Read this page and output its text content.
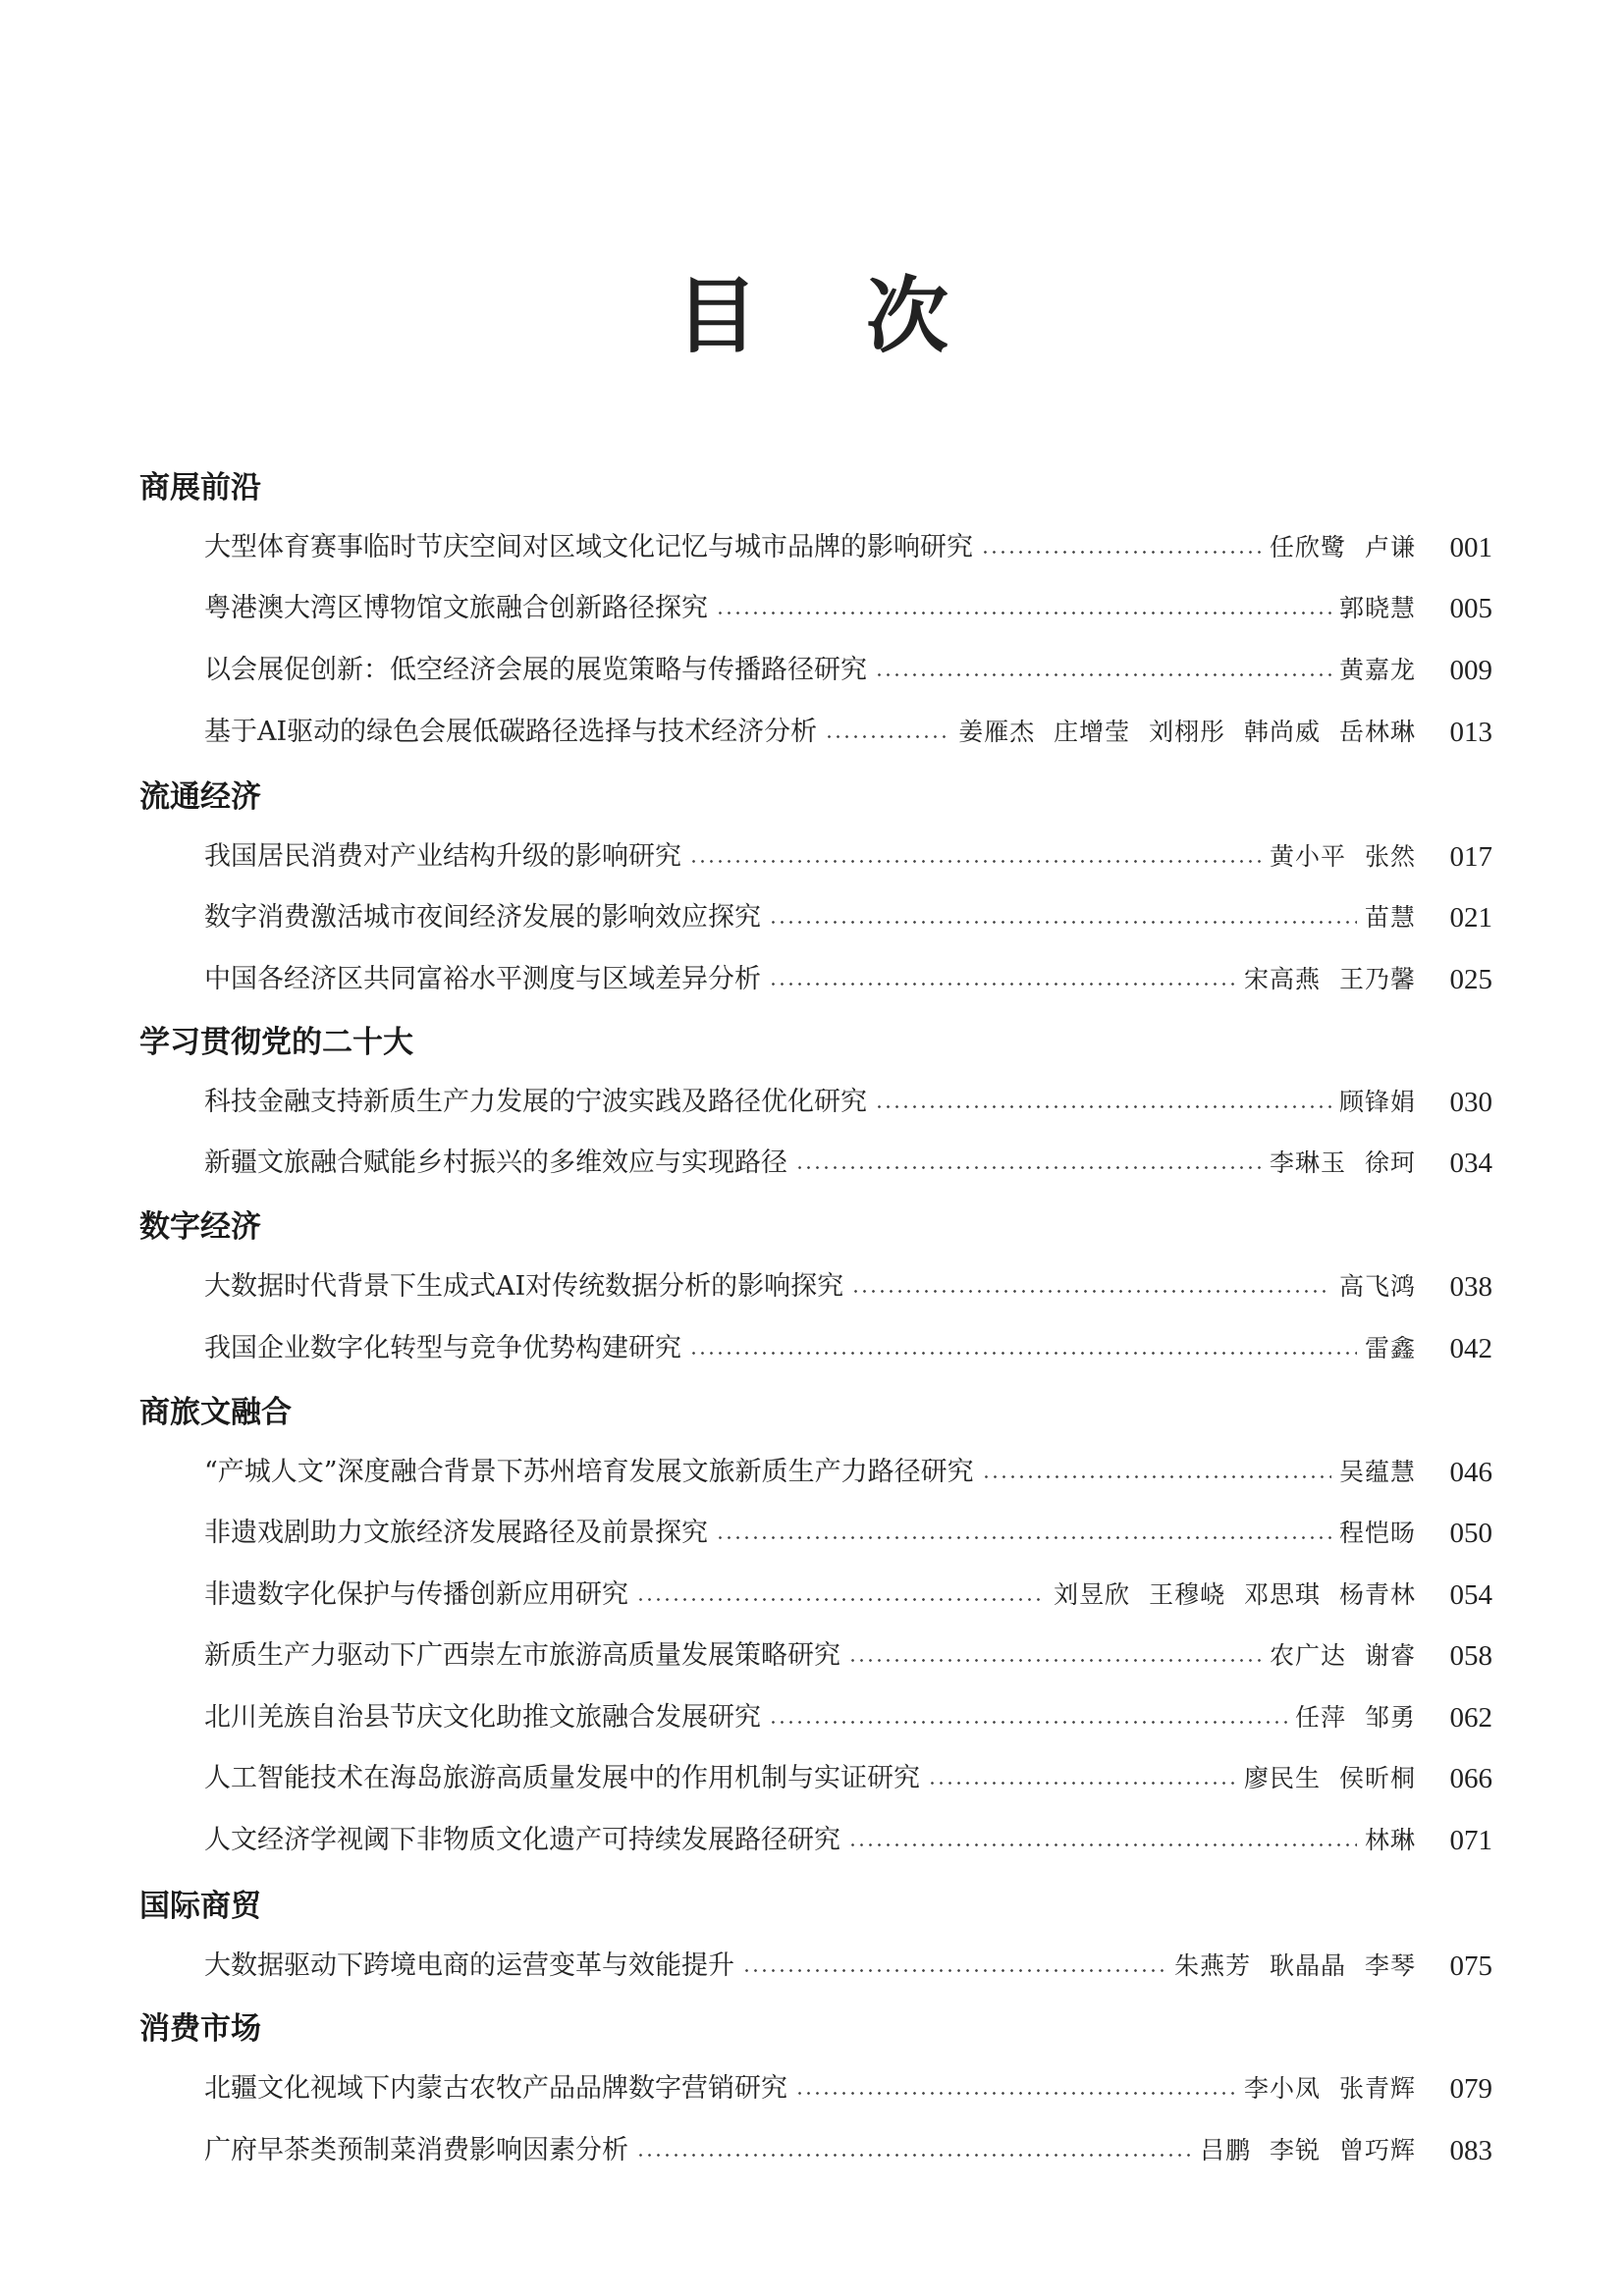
目 次
商展前沿
大型体育赛事临时节庆空间对区域文化记忆与城市品牌的影响研究	任欣鹭 卢谦	001
粤港澳大湾区博物馆文旅融合创新路径探究	郭晓慧	005
以会展促创新：低空经济会展的展览策略与传播路径研究	黄嘉龙	009
基于AI驱动的绿色会展低碳路径选择与技术经济分析	姜雁杰 庄增莹 刘栩彤 韩尚威 岳林琳	013
流通经济
我国居民消费对产业结构升级的影响研究	黄小平 张然	017
数字消费激活城市夜间经济发展的影响效应探究	苗慧	021
中国各经济区共同富裕水平测度与区域差异分析	宋高燕 王乃馨	025
学习贯彻党的二十大
科技金融支持新质生产力发展的宁波实践及路径优化研究	顾锋娟	030
新疆文旅融合赋能乡村振兴的多维效应与实现路径	李琳玉 徐珂	034
数字经济
大数据时代背景下生成式AI对传统数据分析的影响探究	高飞鸿	038
我国企业数字化转型与竞争优势构建研究	雷鑫	042
商旅文融合
“产城人文”深度融合背景下苏州培育发展文旅新质生产力路径研究	吴蕴慧	046
非遗戏剧助力文旅经济发展路径及前景探究	程恺旸	050
非遗数字化保护与传播创新应用研究	刘昱欣 王穆峣 邓思琪 杨青林	054
新质生产力驱动下广西崇左市旅游高质量发展策略研究	农广达 谢睿	058
北川羌族自治县节庆文化助推文旅融合发展研究	任萍 邹勇	062
人工智能技术在海岛旅游高质量发展中的作用机制与实证研究	廖民生 侯昕桐	066
人文经济学视阈下非物质文化遗产可持续发展路径研究	林琳	071
国际商贸
大数据驱动下跨境电商的运营变革与效能提升	朱燕芳 耿晶晶 李琴	075
消费市场
北疆文化视域下内蒙古农牧产品品牌数字营销研究	李小凤 张青辉	079
广府早茶类预制菜消费影响因素分析	吕鹏 李锐 曾巧辉	083
